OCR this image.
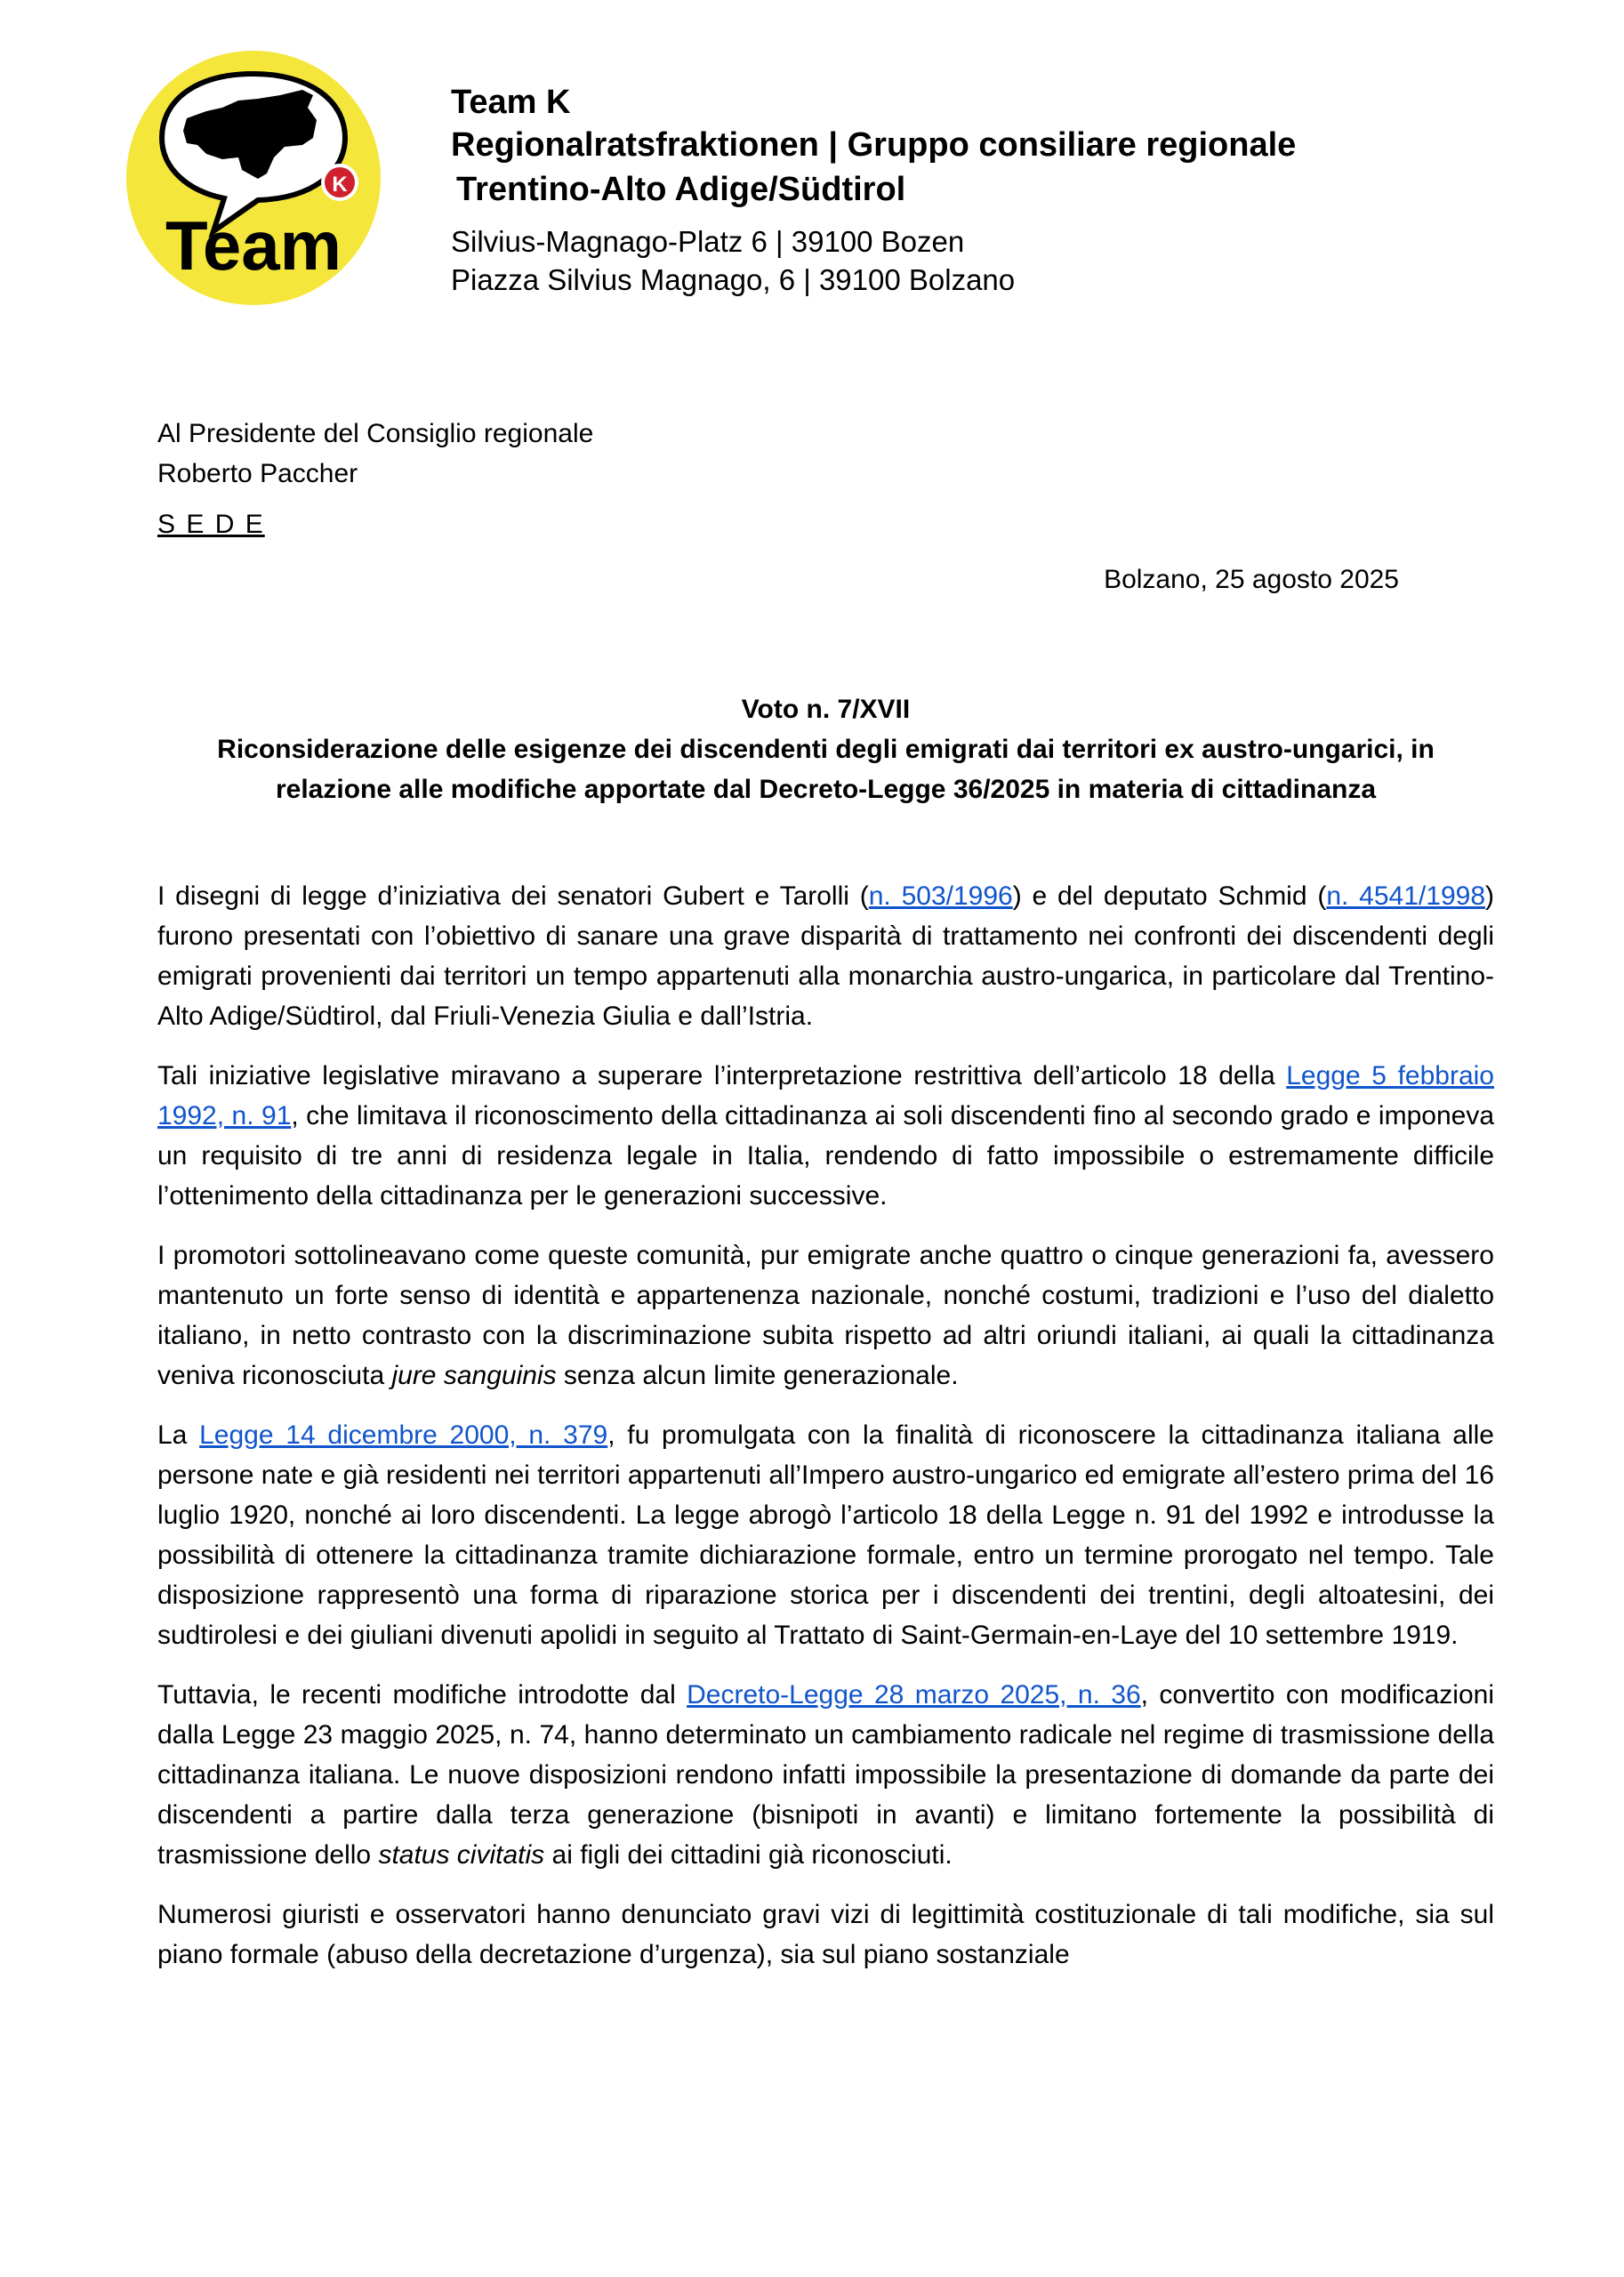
K
Team
Team K
Regionalratsfraktionen | Gruppo consiliare regionale
Trentino-Alto Adige/Südtirol
Silvius-Magnago-Platz 6 | 39100 Bozen
Piazza Silvius Magnago, 6 | 39100 Bolzano
Al Presidente del Consiglio regionale
Roberto Paccher
S E D E
Bolzano, 25 agosto 2025
Voto n. 7/XVII
Riconsiderazione delle esigenze dei discendenti degli emigrati dai territori ex austro-ungarici, in relazione alle modifiche apportate dal Decreto-Legge 36/2025 in materia di cittadinanza

I disegni di legge d’iniziativa dei senatori Gubert e Tarolli (n. 503/1996) e del deputato Schmid (n. 4541/1998) furono presentati con l’obiettivo di sanare una grave disparità di trattamento nei confronti dei discendenti degli emigrati provenienti dai territori un tempo appartenuti alla monarchia austro-ungarica, in particolare dal Trentino-Alto Adige/Südtirol, dal Friuli-Venezia Giulia e dall’Istria.

Tali iniziative legislative miravano a superare l’interpretazione restrittiva dell’articolo 18 della Legge 5 febbraio 1992, n. 91, che limitava il riconoscimento della cittadinanza ai soli discendenti fino al secondo grado e imponeva un requisito di tre anni di residenza legale in Italia, rendendo di fatto impossibile o estremamente difficile l’ottenimento della cittadinanza per le generazioni successive.

I promotori sottolineavano come queste comunità, pur emigrate anche quattro o cinque generazioni fa, avessero mantenuto un forte senso di identità e appartenenza nazionale, nonché costumi, tradizioni e l’uso del dialetto italiano, in netto contrasto con la discriminazione subita rispetto ad altri oriundi italiani, ai quali la cittadinanza veniva riconosciuta jure sanguinis senza alcun limite generazionale.

La Legge 14 dicembre 2000, n. 379, fu promulgata con la finalità di riconoscere la cittadinanza italiana alle persone nate e già residenti nei territori appartenuti all’Impero austro-ungarico ed emigrate all’estero prima del 16 luglio 1920, nonché ai loro discendenti. La legge abrogò l’articolo 18 della Legge n. 91 del 1992 e introdusse la possibilità di ottenere la cittadinanza tramite dichiarazione formale, entro un termine prorogato nel tempo. Tale disposizione rappresentò una forma di riparazione storica per i discendenti dei trentini, degli altoatesini, dei sudtirolesi e dei giuliani divenuti apolidi in seguito al Trattato di Saint-Germain-en-Laye del 10 settembre 1919.

Tuttavia, le recenti modifiche introdotte dal Decreto-Legge 28 marzo 2025, n. 36, convertito con modificazioni dalla Legge 23 maggio 2025, n. 74, hanno determinato un cambiamento radicale nel regime di trasmissione della cittadinanza italiana. Le nuove disposizioni rendono infatti impossibile la presentazione di domande da parte dei discendenti a partire dalla terza generazione (bisnipoti in avanti) e limitano fortemente la possibilità di trasmissione dello status civitatis ai figli dei cittadini già riconosciuti.

Numerosi giuristi e osservatori hanno denunciato gravi vizi di legittimità costituzionale di tali modifiche, sia sul piano formale (abuso della decretazione d’urgenza), sia sul piano sostanziale
